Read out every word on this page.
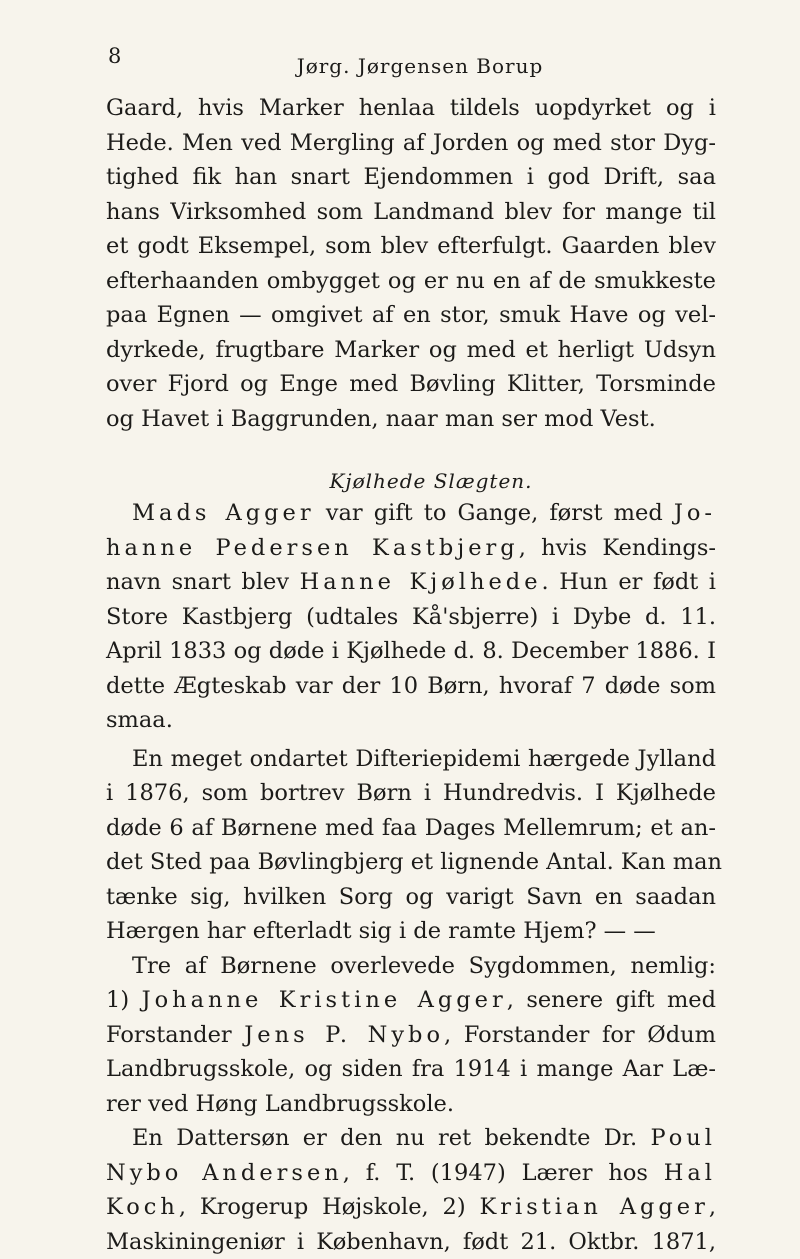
8	Jørg. Jørgensen Borup
Gaard, hvis Marker henlaa tildels uopdyrket og i
Hede. Men ved Mergling af Jorden og med stor Dyg-
tighed fik han snart Ejendommen i god Drift, saa
hans Virksomhed som Landmand blev for mange til
et godt Eksempel, som blev efterfulgt. Gaarden blev
efterhaanden ombygget og er nu en af de smukkeste
paa Egnen — omgivet af en stor, smuk Have og vel-
dyrkede, frugtbare Marker og med et herligt Udsyn
over Fjord og Enge med Bøvling Klitter, Torsminde
og Havet i Baggrunden, naar man ser mod Vest.
Kjølhede Slægten.
Mads Agger var gift to Gange, først med Jo-
hanne Pedersen Kastbjerg, hvis Kendings-
navn snart blev Hanne Kjølhede. Hun er født i
Store Kastbjerg (udtales Kå'sbjerre) i Dybe d. 11.
April 1833 og døde i Kjølhede d. 8. December 1886. I
dette Ægteskab var der 10 Børn, hvoraf 7 døde som
smaa.
En meget ondartet Difteriepidemi hærgede Jylland
i 1876, som bortrev Børn i Hundredvis. I Kjølhede
døde 6 af Børnene med faa Dages Mellemrum; et an-
det Sted paa Bøvlingbjerg et lignende Antal. Kan man
tænke sig, hvilken Sorg og varigt Savn en saadan
Hærgen har efterladt sig i de ramte Hjem? — —
Tre af Børnene overlevede Sygdommen, nemlig:
1) Johanne Kristine Agger, senere gift med
Forstander Jens P. Nybo, Forstander for Ødum
Landbrugsskole, og siden fra 1914 i mange Aar Læ-
rer ved Høng Landbrugsskole.
En Dattersøn er den nu ret bekendte Dr. Poul
Nybo Andersen, f. T. (1947) Lærer hos Hal
Koch, Krogerup Højskole, 2) Kristian Agger,
Maskiningeniør i København, født 21. Oktbr. 1871,
